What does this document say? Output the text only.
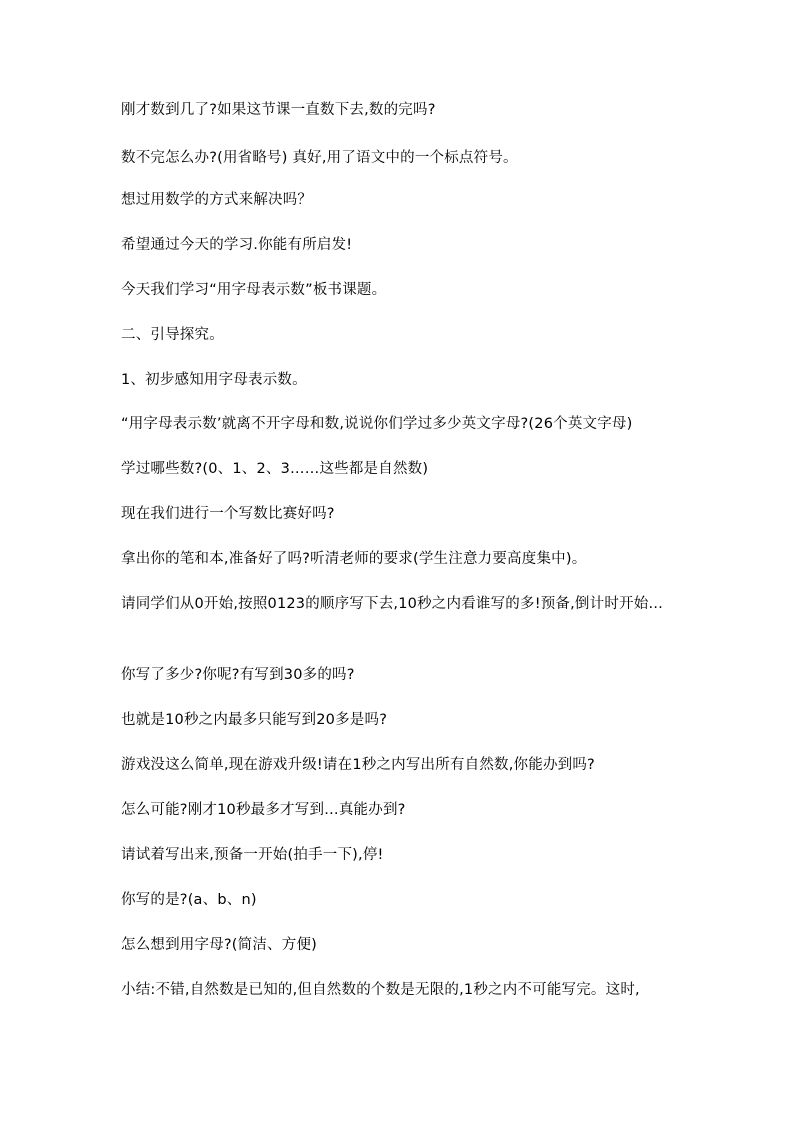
刚才数到几了?如果这节课一直数下去,数的完吗?

数不完怎么办?(用省略号) 真好,用了语文中的一个标点符号。

想过用数学的方式来解决吗？

希望通过今天的学习.你能有所启发!

今天我们学习“用字母表示数”板书课题。

二、引导探究。

1、初步感知用字母表示数。

“用字母表示数’就离不开字母和数,说说你们学过多少英文字母?(26个英文字母)

学过哪些数?(0、1、2、3……这些都是自然数)

现在我们进行一个写数比赛好吗?

拿出你的笔和本,准备好了吗?听清老师的要求(学生注意力要高度集中)。

请同学们从0开始,按照0123的顺序写下去,10秒之内看谁写的多!预备,倒计时开始…

你写了多少?你呢?有写到30多的吗?

也就是10秒之内最多只能写到20多是吗?

游戏没这么简单,现在游戏升级!请在1秒之内写出所有自然数,你能办到吗?

怎么可能?刚才10秒最多才写到…真能办到?

请试着写出来,预备一开始(拍手一下),停!

你写的是?(a、b、n)

怎么想到用字母?(简洁、方便)

小结:不错,自然数是已知的,但自然数的个数是无限的,1秒之内不可能写完。这时,
